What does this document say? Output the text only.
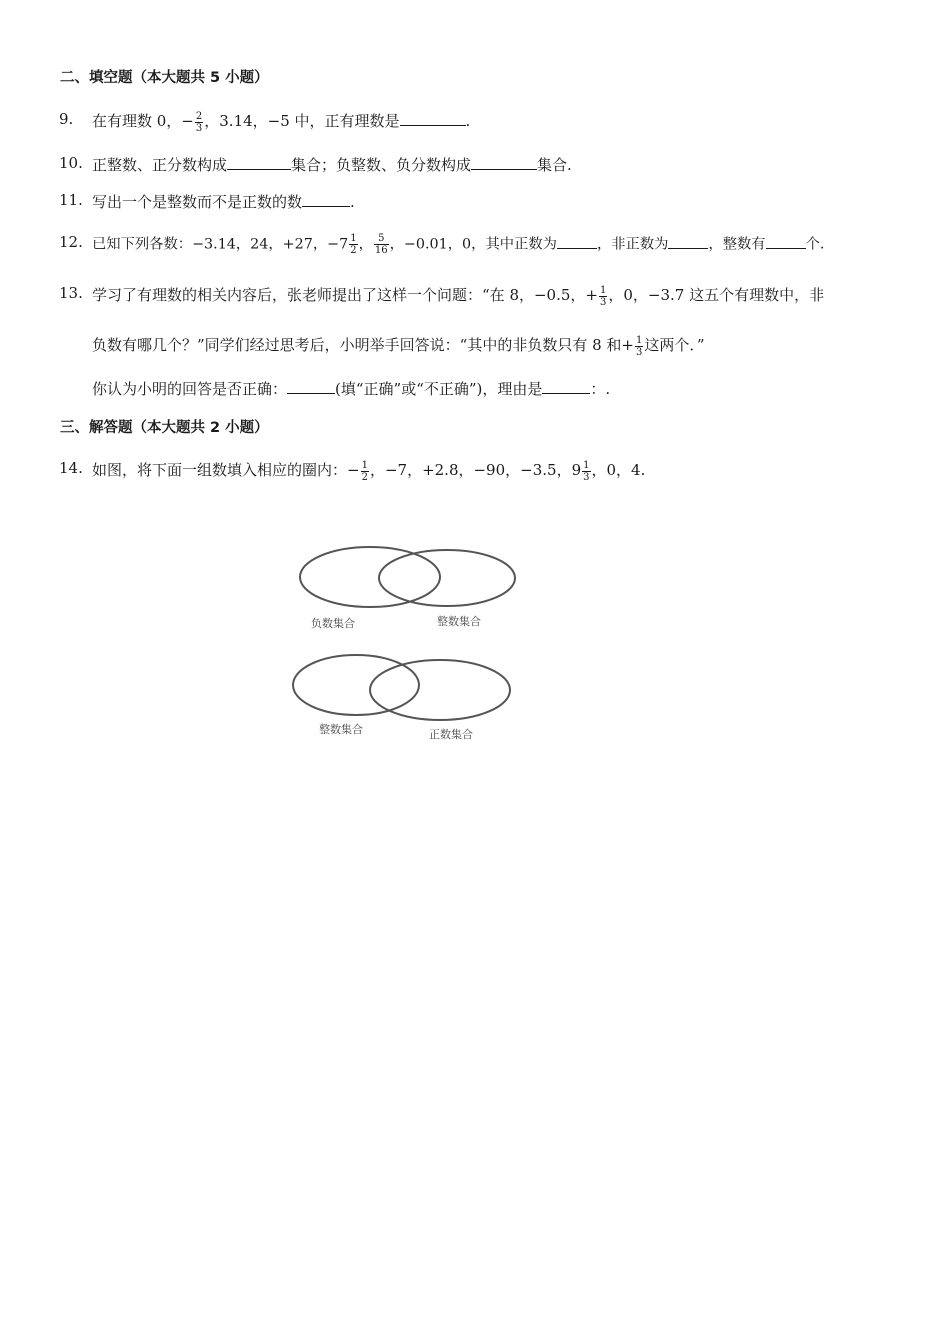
二、填空题（本大题共 5 小题）
9. 在有理数 0，− $\frac{2}{3}$ ，3.14，−5 中，正有理数是	.
10. 正整数、正分数构成	集合；负整数、负分数构成	集合.
11. 写出一个是整数而不是正数的数	.
12. 已知下列各数：−3.14，24，+27，$-7 \frac{1}{2}$ ， $\frac{5}{16}$ ，−0.01，0，其中正数为	，非正数为	，整数有	个.
13. 学习了有理数的相关内容后，张老师提出了这样一个问题：“在 8，−0.5，+ $\frac{1}{3}$ ，0，−3.7 这五个有理数中，非
负数有哪几个？”同学们经过思考后，小明举手回答说：“其中的非负数只有 8 和+ $\frac{1}{3}$ 这两个．”
你认为小明的回答是否正确：	(填“正确”或“不正确”)，理由是	：.
三、解答题（本大题共 2 小题）
14. 如图，将下面一组数填入相应的圈内：− $\frac{1}{2}$ ，−7，+2.8，−90，−3.5，$9 \frac{1}{3}$ ，0，4.
负数集合	整数集合
整数集合	正数集合
